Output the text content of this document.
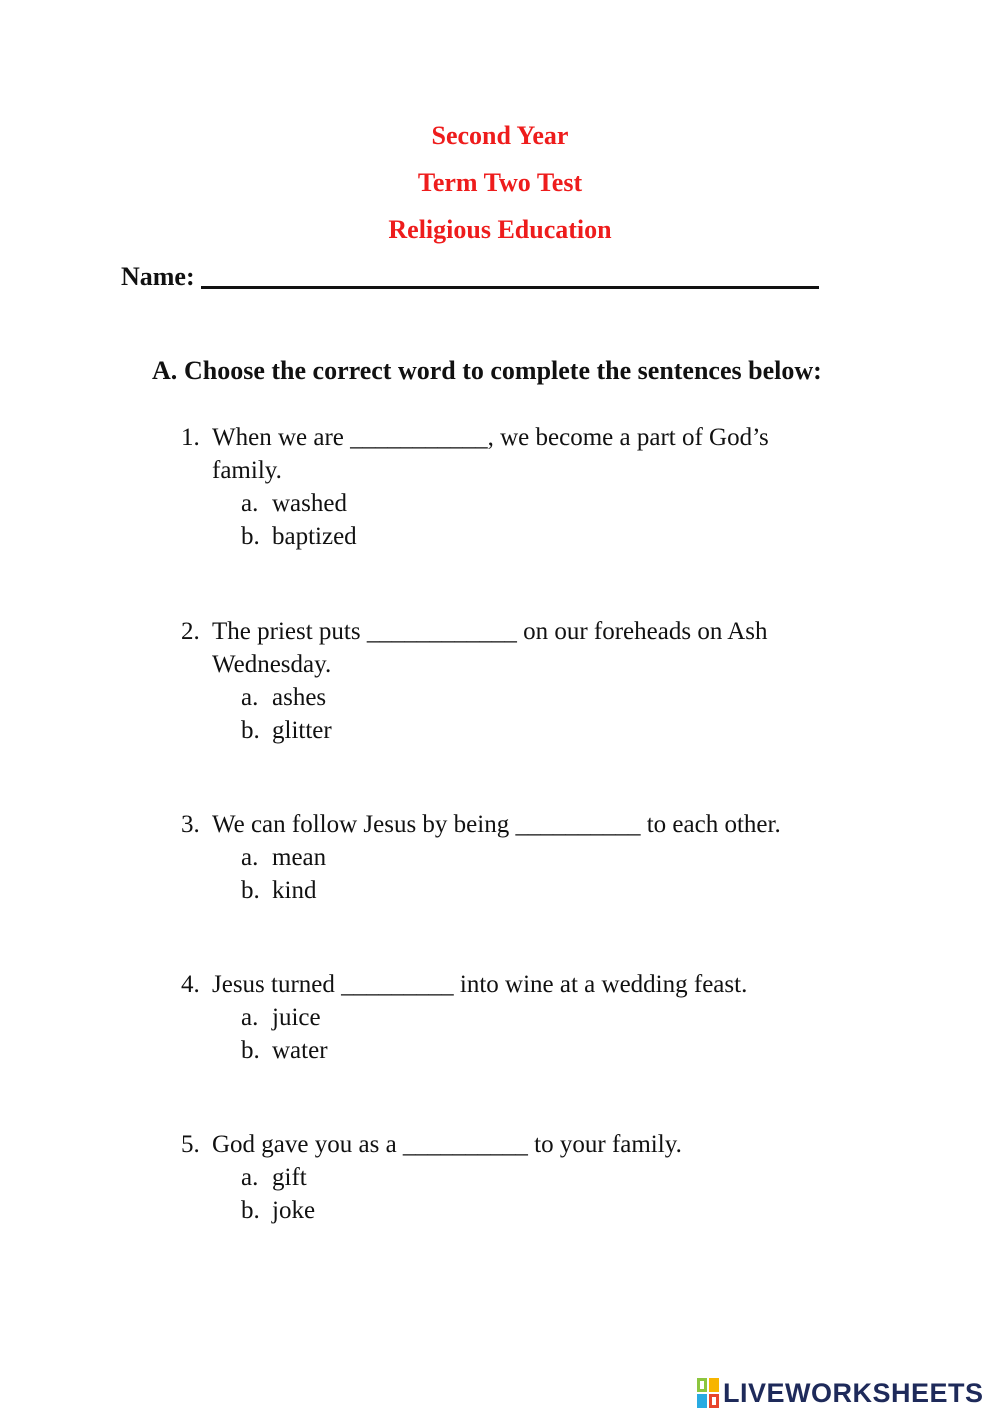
Second Year
Term Two Test
Religious Education
Name:
A. Choose the correct word to complete the sentences below:
1. When we are ___________, we become a part of God’s family.
a. washed
b. baptized
2. The priest puts ____________ on our foreheads on Ash Wednesday.
a. ashes
b. glitter
3. We can follow Jesus by being __________ to each other.
a. mean
b. kind
4. Jesus turned _________ into wine at a wedding feast.
a. juice
b. water
5. God gave you as a __________ to your family.
a. gift
b. joke
LIVEWORKSHEETS
